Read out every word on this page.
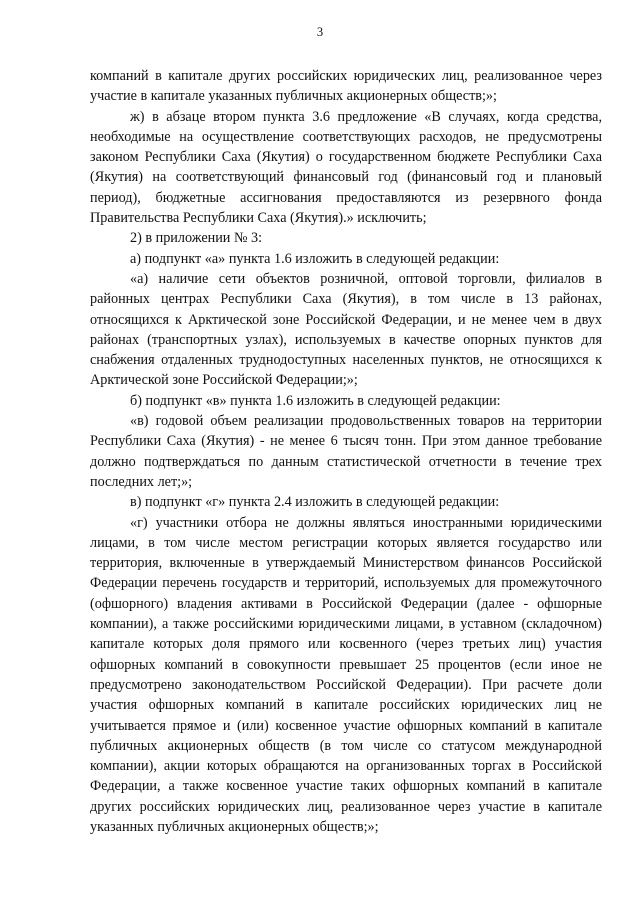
3

компаний в капитале других российских юридических лиц, реализованное через участие в капитале указанных публичных акционерных обществ;»;

ж) в абзаце втором пункта 3.6 предложение «В случаях, когда средства, необходимые на осуществление соответствующих расходов, не предусмотрены законом Республики Саха (Якутия) о государственном бюджете Республики Саха (Якутия) на соответствующий финансовый год (финансовый год и плановый период), бюджетные ассигнования предоставляются из резервного фонда Правительства Республики Саха (Якутия).» исключить;

2) в приложении № 3:

а) подпункт «а» пункта 1.6 изложить в следующей редакции:

«а) наличие сети объектов розничной, оптовой торговли, филиалов в районных центрах Республики Саха (Якутия), в том числе в 13 районах, относящихся к Арктической зоне Российской Федерации, и не менее чем в двух районах (транспортных узлах), используемых в качестве опорных пунктов для снабжения отдаленных труднодоступных населенных пунктов, не относящихся к Арктической зоне Российской Федерации;»;

б) подпункт «в» пункта 1.6 изложить в следующей редакции:

«в) годовой объем реализации продовольственных товаров на территории Республики Саха (Якутия) - не менее 6 тысяч тонн. При этом данное требование должно подтверждаться по данным статистической отчетности в течение трех последних лет;»;

в) подпункт «г» пункта 2.4 изложить в следующей редакции:

«г) участники отбора не должны являться иностранными юридическими лицами, в том числе местом регистрации которых является государство или территория, включенные в утверждаемый Министерством финансов Российской Федерации перечень государств и территорий, используемых для промежуточного (офшорного) владения активами в Российской Федерации (далее - офшорные компании), а также российскими юридическими лицами, в уставном (складочном) капитале которых доля прямого или косвенного (через третьих лиц) участия офшорных компаний в совокупности превышает 25 процентов (если иное не предусмотрено законодательством Российской Федерации). При расчете доли участия офшорных компаний в капитале российских юридических лиц не учитывается прямое и (или) косвенное участие офшорных компаний в капитале публичных акционерных обществ (в том числе со статусом международной компании), акции которых обращаются на организованных торгах в Российской Федерации, а также косвенное участие таких офшорных компаний в капитале других российских юридических лиц, реализованное через участие в капитале указанных публичных акционерных обществ;»;
